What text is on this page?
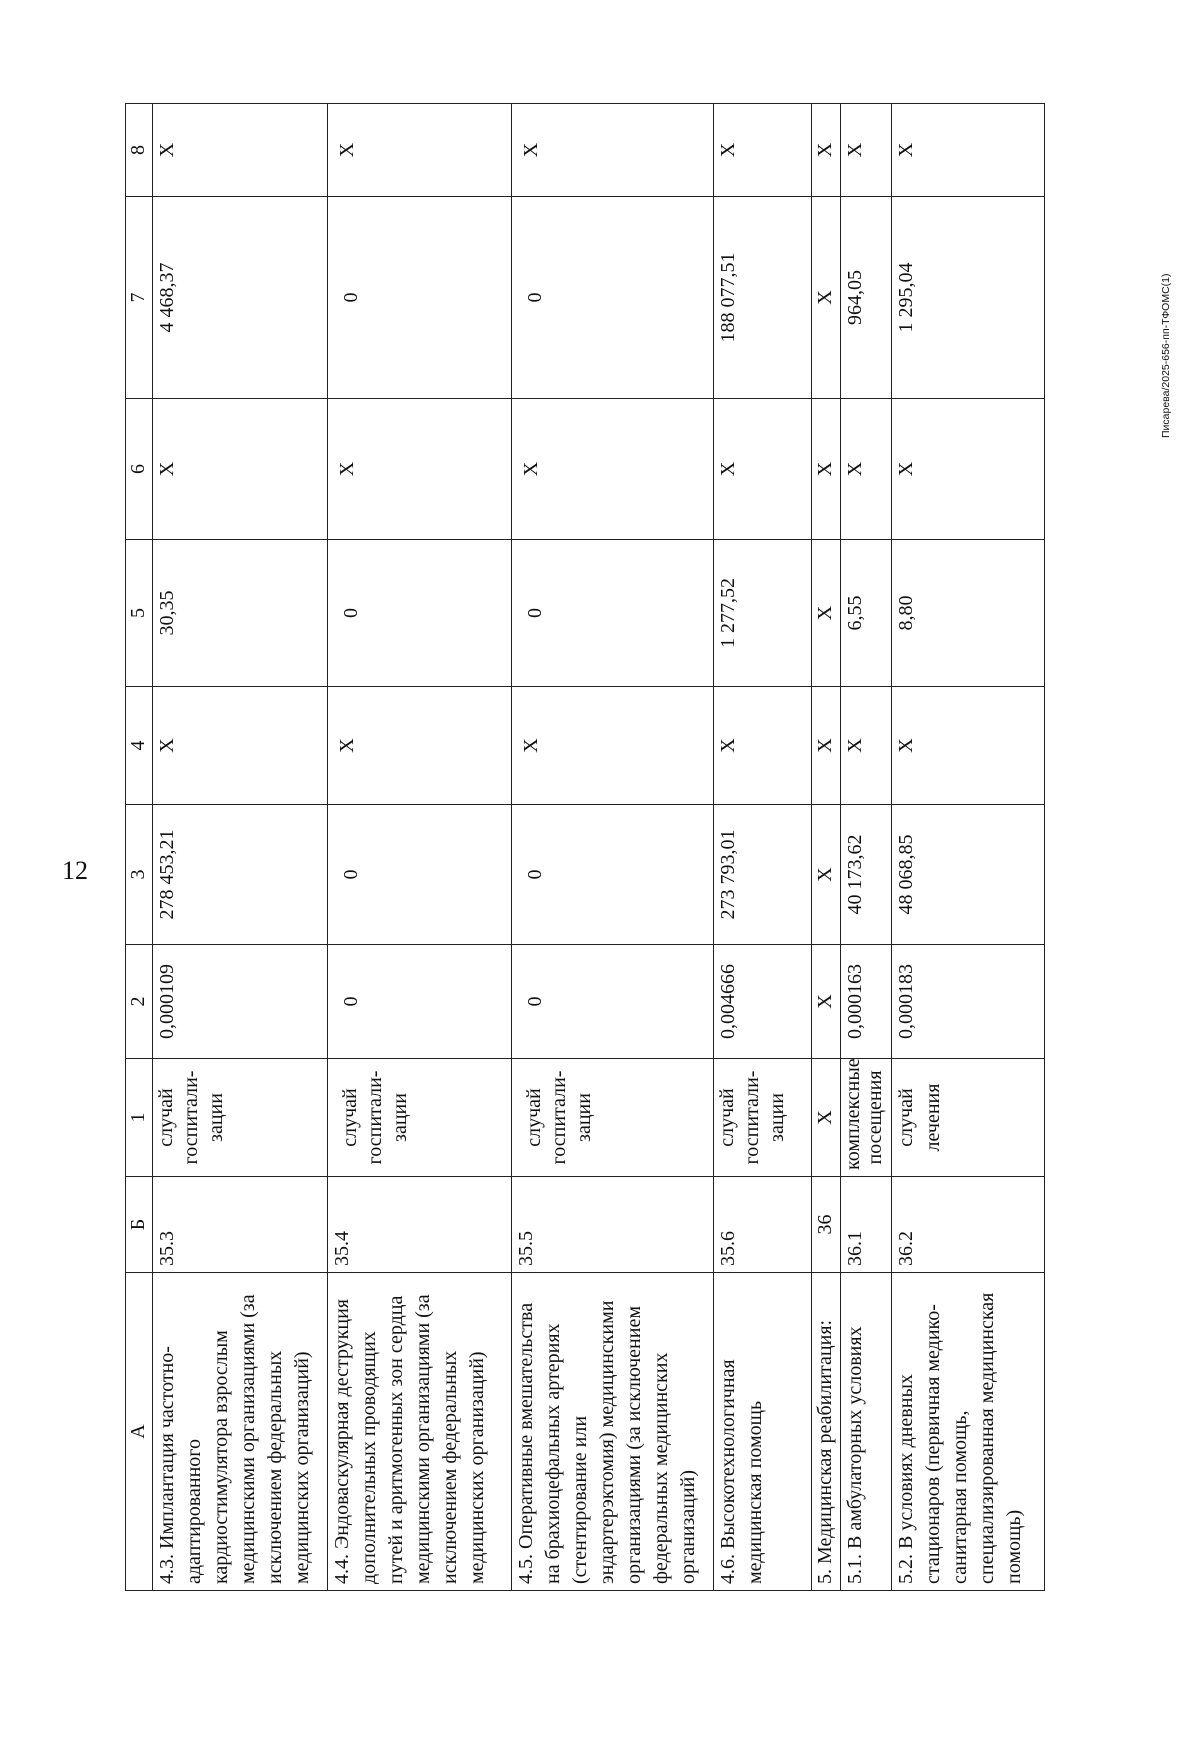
12
Писарева/2025-656-пп-ТФОМС(1)
А	Б	1	2	3	4	5	6	7	8
4.3. Имплантация частотно-адаптированного кардиостимулятора взрослым медицинскими организациями (за исключением федеральных медицинских организаций)	35.3	случай госпитали-зации	0,000109	278 453,21	Х	30,35	Х	4 468,37	Х
4.4. Эндоваскулярная деструкция дополнительных проводящих путей и аритмогенных зон сердца медицинскими организациями (за исключением федеральных медицинских организаций)	35.4	случай госпитали-зации	0	0	Х	0	Х	0	Х
4.5. Оперативные вмешательства на брахиоцефальных артериях (стентирование или эндартерэктомия) медицинскими организациями (за исключением федеральных медицинских организаций)	35.5	случай госпитали-зации	0	0	Х	0	Х	0	Х
4.6. Высокотехнологичная медицинская помощь	35.6	случай госпитали-зации	0,004666	273 793,01	Х	1 277,52	Х	188 077,51	Х
5. Медицинская реабилитация:	36	Х	Х	Х	Х	Х	Х	Х	Х
5.1. В амбулаторных условиях	36.1	комплексные посещения	0,000163	40 173,62	Х	6,55	Х	964,05	Х
5.2. В условиях дневных стационаров (первичная медико-санитарная помощь, специализированная медицинская помощь)	36.2	случай лечения	0,000183	48 068,85	Х	8,80	Х	1 295,04	Х
